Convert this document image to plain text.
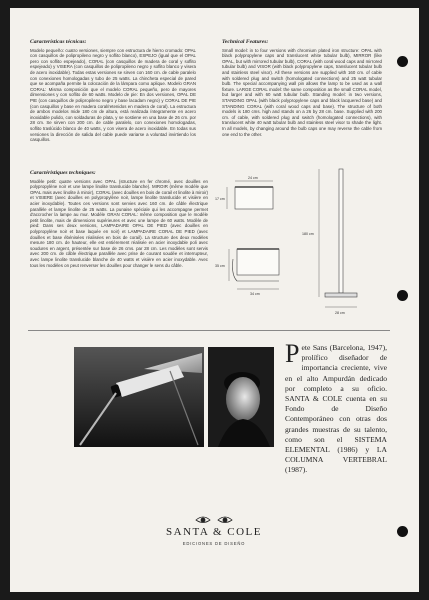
Características técnicas:
Modelo pequeño: cuatro versiones, siempre con estructura de hierro cromado: OPAL con casquillos de polipropileno negro y soflito blanco), ESPEJO (igual que el OPAL pero con soflito espejeado), CORAL (con casquillos de madera de coral y soflito espejeado) y VISERA (con casquillos de polipropileno negro y soflito blanco y visera de acero inoxidable). Todas estas versiones se sirven con 160 cm. de cable paralelo con conexiones homologadas y tubo de 25 watts. La chincheta especial de pared que se acompaña permite la colocación de la lámpara como aplique. Modelo GRAN CORAL: Misma composición que el modelo CORAL pequeño, pero de mayores dimensiones y con soflito de 60 watts. Modelo de pie: En dos versiones, OPAL DE PIE (con casquillos de polipropileno negro y base lacadam negro) y CORAL DE PIE (con casquillos y base en madera coral/retenidos en madera de coral). La estructura de ambos modelos mide 180 cm de altura, está realizada íntegramente en acero inoxidable pulido, con soldaduras de plata, y se sostiene en una base de 26 cm. por 28 cm. Se sirven con 200 cm. de cable paralelo, con conexiones homologadas, soflito traslúcido blanco de 40 watts, y con visera de acero inoxidable. En todas sus versiones la dirección de salida del cable puede variarse a voluntad invirtiendo los casquillos.
Technical Features:
Small model: in to four versions with chromium plated iron structure: OPAL with black polypropylene caps and translucent white tubular bulb), MIRROR (like OPAL, but with mirrored tubular bulb), CORAL (with coral wood caps and mirrored tubular bulb) and VISOR (with black polypropylene caps, translucent tubular bulb and stainless steel visor). All these versions are supplied with 160 cm. of cable with soldered plug and switch (homologated connections) and 25 watt tubular bulb. The special accompanying wall pin allows the lamp to be used as a wall fixture. LARGE CORAL model: the same composition as the small CORAL model, but larger and with 60 watt tubular bulb. Standing model: in two versions, STANDING OPAL (with black polypropylene caps and black lacquered base) and STANDING CORAL (with coral wood caps and base). The structure of both models is 180 cms. high and stands on a 26 by 28 cm. base. Supplied with 200 cm. of cable, with soldered plug and switch (homologated connections), with translucent white 40 watt tubular bulb and stainless steel visor to shade the light. In all models, by changing around the bulb caps one may reverse the cable from one end to the other.
Caractéristiques techniques:
Modèle petit: quatre versions avec OPAL (structure en fer chromé, avec douilles en polypropylène noir et une lampe linolite translucide blanche). MIROIR (même modèle que OPAL mais avec linolite à miroir), CORAL (avec douilles en bois de corail et linolite à miroir) et VISIERE (avec douilles en polypropylène noir, lampe linolite translucide et visière en acier inoxydable). Toutes ces versions sont servies avec 160 cm. de câble électrique parallèle et lampe linolite de 25 watts. La punaise spéciale qui les accompagne permet d'accrocher la lampe au mur. Modèle GRAN CORAL: même composition que le modèle petit linolite, mais de dimensions supérieures et avec une lampe de 60 watts. Modèle de pied: Dans ses deux versions, LAMPADAIRE OPAL DE PIED (avec douilles en polypropylène noir et base laquée en noir) et LAMPADAIRE CORAL DE PIED (avec douilles et base ébénisées réalisées en bois de corail). La structure des deux modèles mesure 180 cm. de hauteur, elle est entièrement réalisée en acier inoxydable poli avec soudures en argent, présentée sur base de 26 cms. par 28 cm. Les modèles sont servis avec 200 cm. de câble électrique parallèle avec prise de courant soudée et interrupteur, avec lampe linolite translucide blanche de 40 watts et visière en acier inoxydable. Avec tous les modèles on peut renverser les douilles pour changer le sens du câble.
24 cm
17 cm
35 cm
34 cm
180 cm
28 cm
Pete Sans (Barcelona, 1947), prolífico diseñador de importancia creciente, vive en el alto Ampurdán dedicado por completo a su oficio. SANTA & COLE cuenta en su Fondo de Diseño Contemporáneo con otras dos grandes muestras de su talento, como son el SISTEMA ELEMENTAL (1986) y LA COLUMNA VERTEBRAL (1987).
SANTA & COLE
EDICIONES DE DISEÑO
